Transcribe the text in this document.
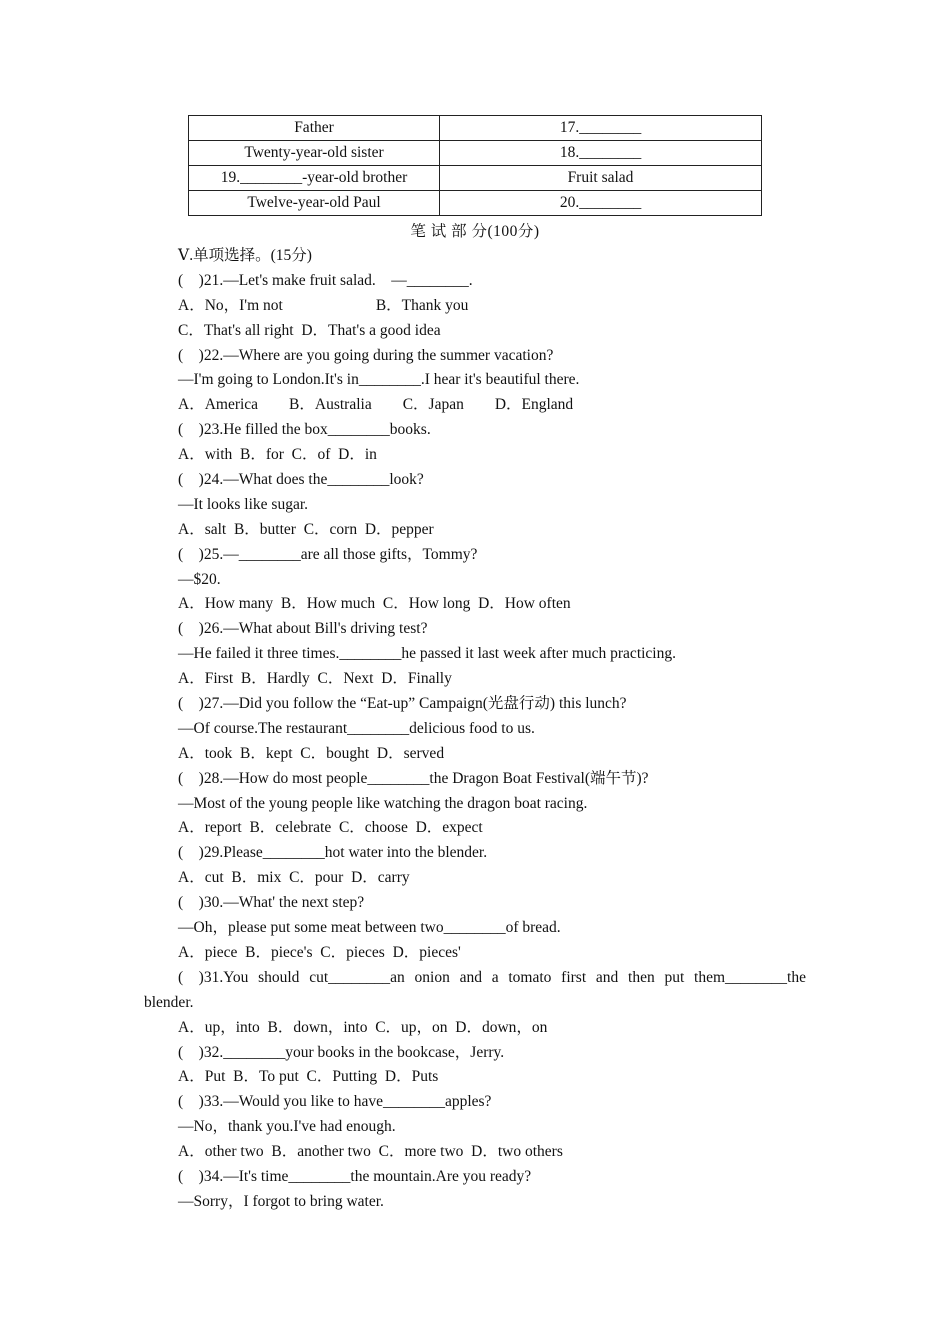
Father	17.________
Twenty-year-old sister	18.________
19.________-year-old brother	Fruit salad
Twelve-year-old Paul	20.________
笔 试 部 分(100分)
Ⅴ.单项选择。(15分)
(　)21.—Let's make fruit salad.　—________.
A．No，I'm not　　　　　　B．Thank you
C．That's all right  D．That's a good idea
(　)22.—Where are you going during the summer vacation?
—I'm going to London.It's in________.I hear it's beautiful there.
A．America　　B．Australia　　C．Japan　　D．England
(　)23.He filled the box________books.
A．with  B．for  C．of  D．in
(　)24.—What does the________look?
—It looks like sugar.
A．salt  B．butter  C．corn  D．pepper
(　)25.—________are all those gifts，Tommy?
—$20.
A．How many  B．How much  C．How long  D．How often
(　)26.—What about Bill's driving test?
—He failed it three times.________he passed it last week after much practicing.
A．First  B．Hardly  C．Next  D．Finally
(　)27.—Did you follow the “Eat-up” Campaign(光盘行动) this lunch?
—Of course.The restaurant________delicious food to us.
A．took  B．kept  C．bought  D．served
(　)28.—How do most people________the Dragon Boat Festival(端午节)?
—Most of the young people like watching the dragon boat racing.
A．report  B．celebrate  C．choose  D．expect
(　)29.Please________hot water into the blender.
A．cut  B．mix  C．pour  D．carry
(　)30.—What' the next step?
—Oh，please put some meat between two________of bread.
A．piece  B．piece's  C．pieces  D．pieces'
(　)31.You should cut________an onion and a tomato first and then put them________the
blender.
A．up，into  B．down，into  C．up，on  D．down，on
(　)32.________your books in the bookcase，Jerry.
A．Put  B．To put  C．Putting  D．Puts
(　)33.—Would you like to have________apples?
—No，thank you.I've had enough.
A．other two  B．another two  C．more two  D．two others
(　)34.—It's time________the mountain.Are you ready?
—Sorry，I forgot to bring water.
